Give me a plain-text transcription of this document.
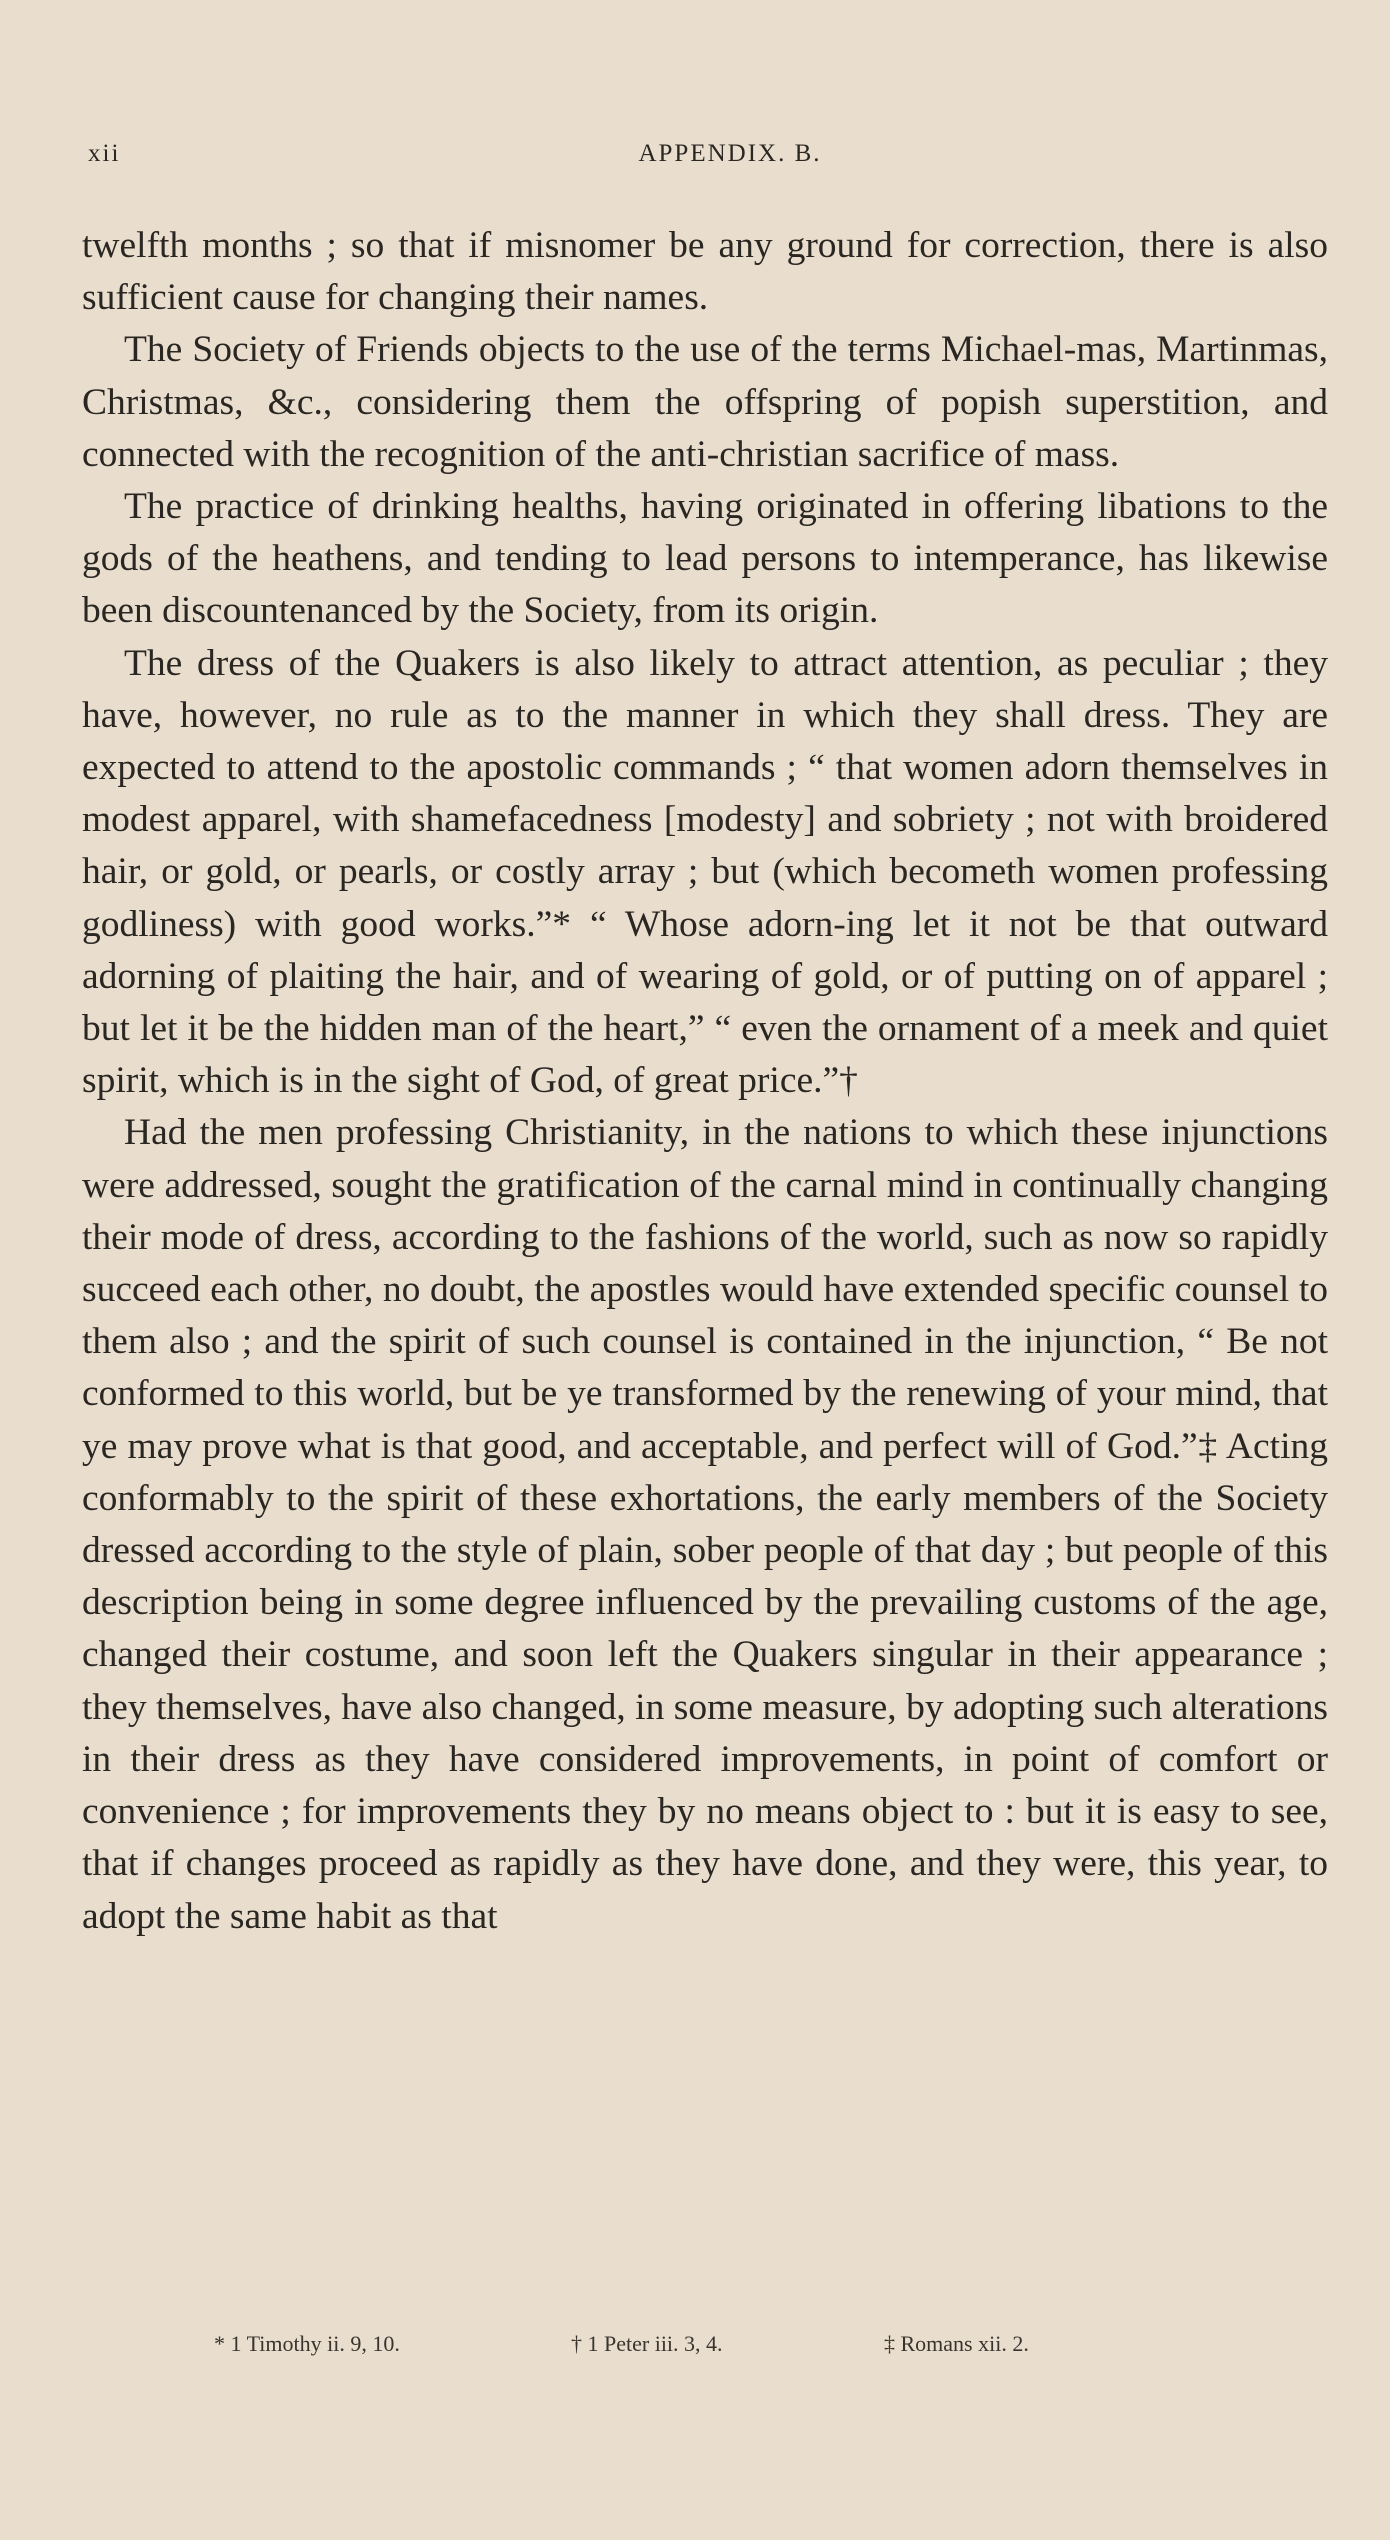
xii	APPENDIX. B.

twelfth months ; so that if misnomer be any ground for correction, there is also sufficient cause for changing their names.

The Society of Friends objects to the use of the terms Michael-mas, Martinmas, Christmas, &c., considering them the offspring of popish superstition, and connected with the recognition of the anti-christian sacrifice of mass.

The practice of drinking healths, having originated in offering libations to the gods of the heathens, and tending to lead persons to intemperance, has likewise been discountenanced by the Society, from its origin.

The dress of the Quakers is also likely to attract attention, as peculiar ; they have, however, no rule as to the manner in which they shall dress. They are expected to attend to the apostolic commands ; “ that women adorn themselves in modest apparel, with shamefacedness [modesty] and sobriety ; not with broidered hair, or gold, or pearls, or costly array ; but (which becometh women professing godliness) with good works.”* “ Whose adorn-ing let it not be that outward adorning of plaiting the hair, and of wearing of gold, or of putting on of apparel ; but let it be the hidden man of the heart,” “ even the ornament of a meek and quiet spirit, which is in the sight of God, of great price.”†

Had the men professing Christianity, in the nations to which these injunctions were addressed, sought the gratification of the carnal mind in continually changing their mode of dress, according to the fashions of the world, such as now so rapidly succeed each other, no doubt, the apostles would have extended specific counsel to them also ; and the spirit of such counsel is contained in the injunction, “ Be not conformed to this world, but be ye transformed by the renewing of your mind, that ye may prove what is that good, and acceptable, and perfect will of God.”‡ Acting conformably to the spirit of these exhortations, the early members of the Society dressed according to the style of plain, sober people of that day ; but people of this description being in some degree influenced by the prevailing customs of the age, changed their costume, and soon left the Quakers singular in their appearance ; they themselves, have also changed, in some measure, by adopting such alterations in their dress as they have considered improvements, in point of comfort or convenience ; for improvements they by no means object to : but it is easy to see, that if changes proceed as rapidly as they have done, and they were, this year, to adopt the same habit as that

* 1 Timothy ii. 9, 10.	† 1 Peter iii. 3, 4.	‡ Romans xii. 2.
